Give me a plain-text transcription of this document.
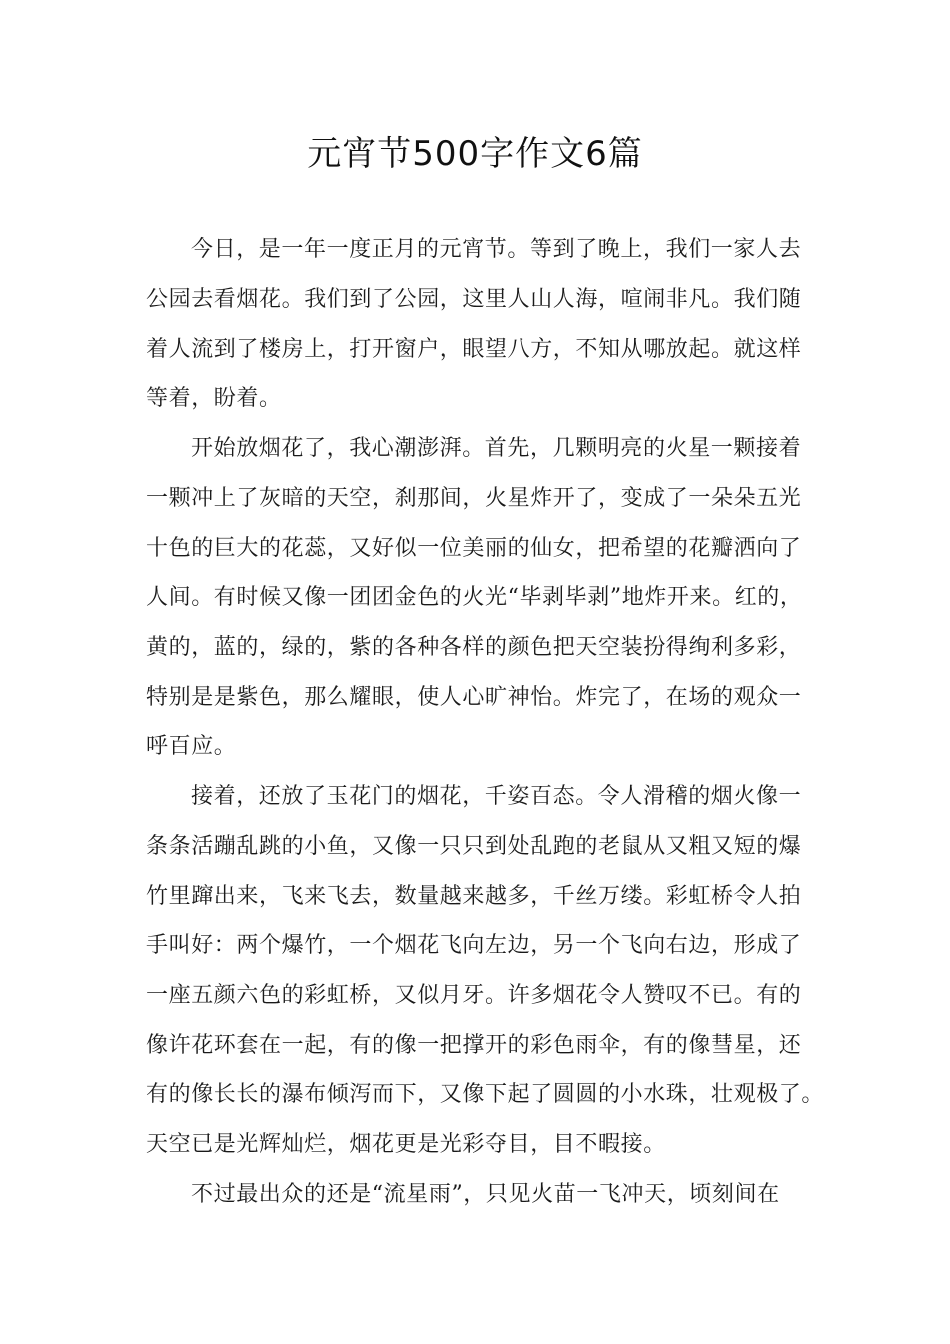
元宵节500字作文6篇
今日，是一年一度正月的元宵节。等到了晚上，我们一家人去
公园去看烟花。我们到了公园，这里人山人海，喧闹非凡。我们随
着人流到了楼房上，打开窗户，眼望八方，不知从哪放起。就这样
等着，盼着。
开始放烟花了，我心潮澎湃。首先，几颗明亮的火星一颗接着
一颗冲上了灰暗的天空，刹那间，火星炸开了，变成了一朵朵五光
十色的巨大的花蕊，又好似一位美丽的仙女，把希望的花瓣洒向了
人间。有时候又像一团团金色的火光“毕剥毕剥”地炸开来。红的，
黄的，蓝的，绿的，紫的各种各样的颜色把天空装扮得绚利多彩，
特别是是紫色，那么耀眼，使人心旷神怡。炸完了，在场的观众一
呼百应。
接着，还放了玉花门的烟花，千姿百态。令人滑稽的烟火像一
条条活蹦乱跳的小鱼，又像一只只到处乱跑的老鼠从又粗又短的爆
竹里蹿出来，飞来飞去，数量越来越多，千丝万缕。彩虹桥令人拍
手叫好：两个爆竹，一个烟花飞向左边，另一个飞向右边，形成了
一座五颜六色的彩虹桥，又似月牙。许多烟花令人赞叹不已。有的
像许花环套在一起，有的像一把撑开的彩色雨伞，有的像彗星，还
有的像长长的瀑布倾泻而下，又像下起了圆圆的小水珠，壮观极了。
天空已是光辉灿烂，烟花更是光彩夺目，目不暇接。
不过最出众的还是“流星雨”，只见火苗一飞冲天，顷刻间在
